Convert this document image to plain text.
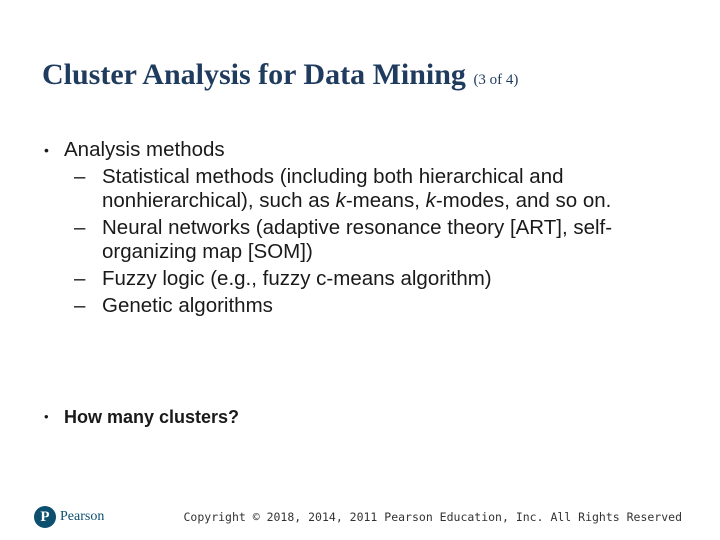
Cluster Analysis for Data Mining (3 of 4)
• Analysis methods
– Statistical methods (including both hierarchical and nonhierarchical), such as k-means, k-modes, and so on.
– Neural networks (adaptive resonance theory [ART], self-organizing map [SOM])
– Fuzzy logic (e.g., fuzzy c-means algorithm)
– Genetic algorithms
• How many clusters?
P Pearson	Copyright © 2018, 2014, 2011 Pearson Education, Inc. All Rights Reserved
